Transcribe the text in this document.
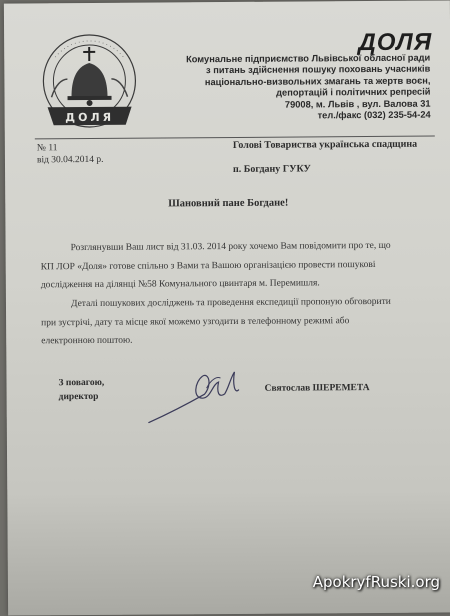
· · · · · · · · · · · · · · · · · · · ·
ДОЛЯ
ДОЛЯ
Комунальне підприємство Львівської обласної ради
з питань здійснення пошуку поховань учасників
національно-визвольних змагань та жертв воєн,
депортацій і політичних репресій
79008, м. Львів , вул. Валова 31
тел./факс (032) 235-54-24
№ 11
від 30.04.2014 р.
Голові Товариства українська спадщина
п. Богдану ГУКУ
Шановний пане Богдане!
Розглянувши Ваш лист від 31.03. 2014 року хочемо Вам повідомити про те, що
КП ЛОР «Доля» готове спільно з Вами та Вашою організацією провести пошукові
дослідження на ділянці №58 Комунального цвинтаря м. Перемишля.
Деталі пошукових досліджень та проведення експедиції пропоную обговорити
при зустрічі, дату та місце якої можемо узгодити в телефонному режимі або
електронною поштою.
З повагою,
директор
Святослав ШЕРЕМЕТА
ApokryfRuski.org
